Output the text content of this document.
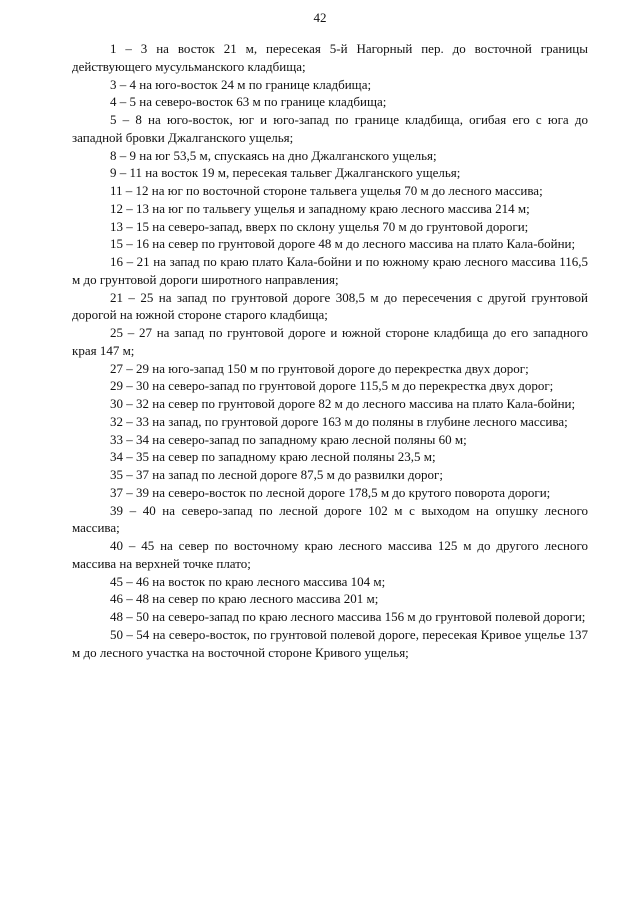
42

1 – 3 на восток 21 м, пересекая 5-й Нагорный пер. до восточной границы действующего мусульманского кладбища;

3 – 4 на юго-восток 24 м по границе кладбища;

4 – 5 на северо-восток 63 м по границе кладбища;

5 – 8 на юго-восток, юг и юго-запад по границе кладбища, огибая его с юга до западной бровки Джалганского ущелья;

8 – 9 на юг 53,5 м, спускаясь на дно Джалганского ущелья;

9 – 11 на восток 19 м, пересекая тальвег Джалганского ущелья;

11 – 12 на юг по восточной стороне тальвега ущелья 70 м до лесного массива;

12 – 13 на юг по тальвегу ущелья и западному краю лесного массива 214 м;

13 – 15 на северо-запад, вверх по склону ущелья 70 м до грунтовой дороги;

15 – 16 на север по грунтовой дороге 48 м до лесного массива на плато Кала-бойни;

16 – 21 на запад по краю плато Кала-бойни и по южному краю лесного массива 116,5 м до грунтовой дороги широтного направления;

21 – 25 на запад по грунтовой дороге 308,5 м до пересечения с другой грунтовой дорогой на южной стороне старого кладбища;

25 – 27 на запад по грунтовой дороге и южной стороне кладбища до его западного края 147 м;

27 – 29 на юго-запад 150 м по грунтовой дороге до перекрестка двух дорог;

29 – 30 на северо-запад по грунтовой дороге 115,5 м до перекрестка двух дорог;

30 – 32 на север по грунтовой дороге 82 м до лесного массива на плато Кала-бойни;

32 – 33 на запад, по грунтовой дороге 163 м до поляны в глубине лесного массива;

33 – 34 на северо-запад по западному краю лесной поляны 60 м;

34 – 35 на север по западному краю лесной поляны 23,5 м;

35 – 37 на запад по лесной дороге 87,5 м до развилки дорог;

37 – 39 на северо-восток по лесной дороге 178,5 м до крутого поворота дороги;

39 – 40 на северо-запад по лесной дороге 102 м с выходом на опушку лесного массива;

40 – 45 на север по восточному краю лесного массива 125 м до другого лесного массива на верхней точке плато;

45 – 46 на восток по краю лесного массива 104 м;

46 – 48 на север по краю лесного массива 201 м;

48 – 50 на северо-запад по краю лесного массива 156 м до грунтовой полевой дороги;

50 – 54 на северо-восток, по грунтовой полевой дороге, пересекая Кривое ущелье 137 м до лесного участка на восточной стороне Кривого ущелья;
